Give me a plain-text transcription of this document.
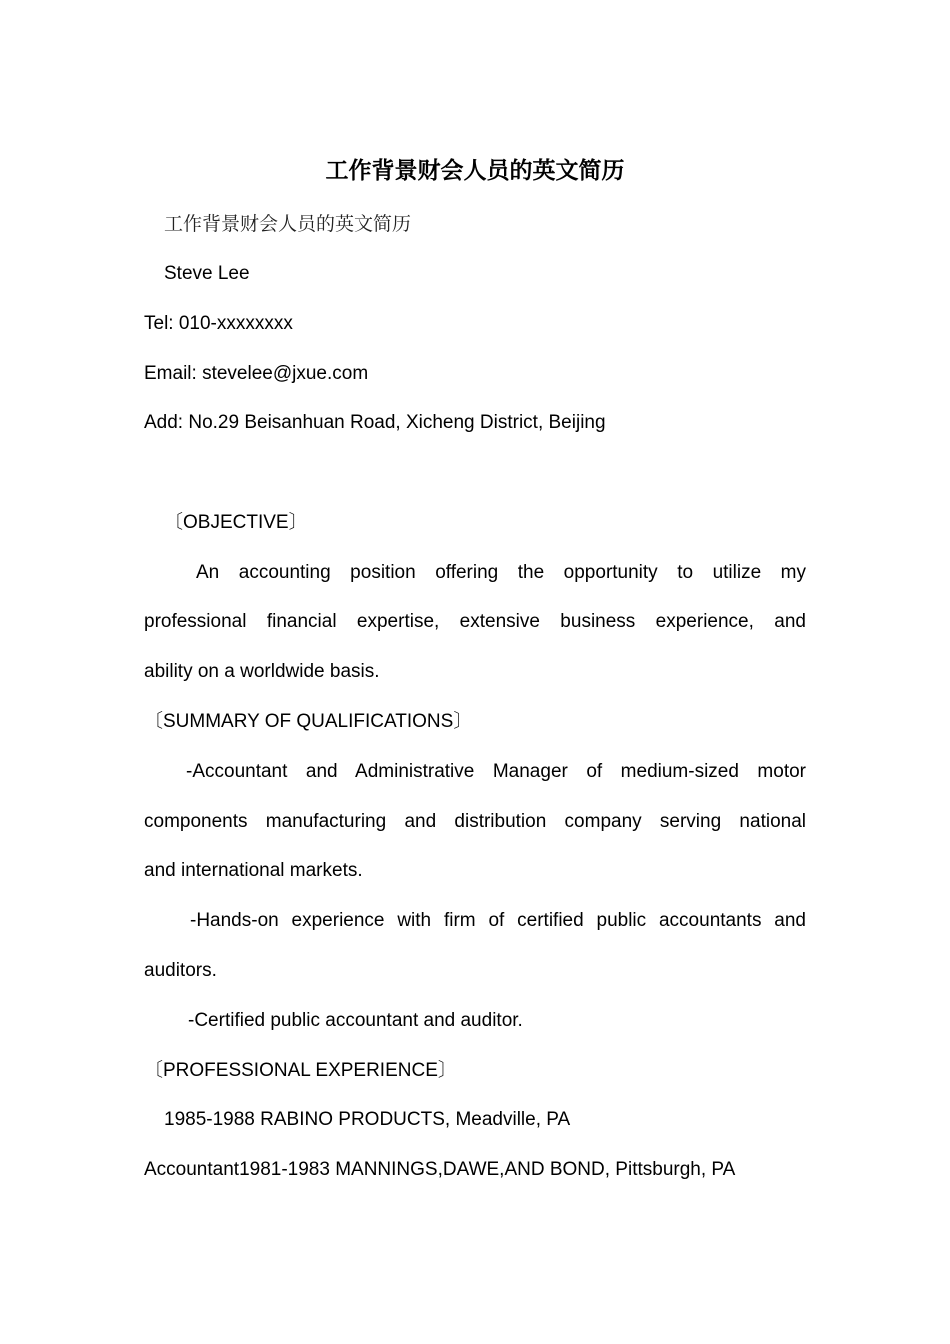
工作背景财会人员的英文简历
工作背景财会人员的英文简历
Steve Lee
Tel: 010-xxxxxxxx
Email: stevelee@jxue.com
Add: No.29 Beisanhuan Road, Xicheng District, Beijing
〔OBJECTIVE〕
An accounting position offering the opportunity to utilize my
professional financial expertise, extensive business experience, and
ability on a worldwide basis.
〔SUMMARY OF QUALIFICATIONS〕
-Accountant and Administrative Manager of medium-sized motor
components manufacturing and distribution company serving national
and international markets.
-Hands-on experience with firm of certified public accountants and
auditors.
-Certified public accountant and auditor.
〔PROFESSIONAL EXPERIENCE〕
1985-1988 RABINO PRODUCTS, Meadville, PA
Accountant1981-1983 MANNINGS,DAWE,AND BOND, Pittsburgh, PA
